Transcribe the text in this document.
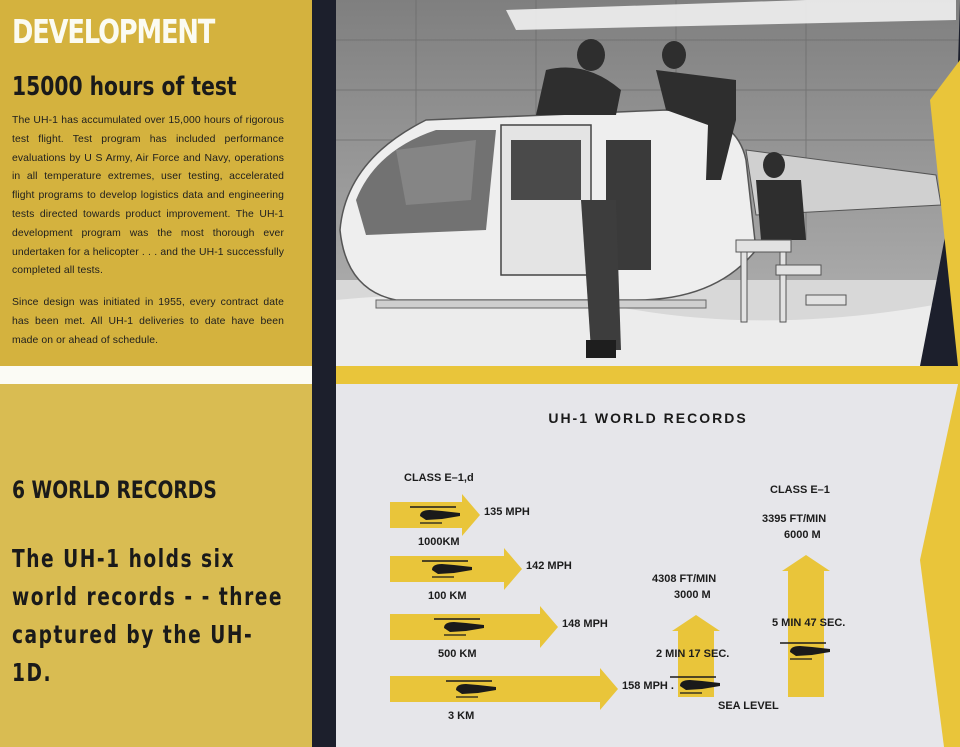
DEVELOPMENT
15000 hours of test
The UH-1 has accumulated over 15,000 hours of rigorous test flight. Test program has included performance evaluations by U S Army, Air Force and Navy, operations in all temperature extremes, user testing, accelerated flight programs to develop logistics data and engineering tests directed towards product improvement. The UH-1 development program was the most thorough ever undertaken for a helicopter . . . and the UH-1 successfully completed all tests.
Since design was initiated in 1955, every contract date has been met. All UH-1 deliveries to date have been made on or ahead of schedule.
6 WORLD RECORDS
The UH-1 holds six world records - - three captured by the UH-1D.
UH-1 WORLD RECORDS
CLASS E–1,d
CLASS E–1
135 MPH
1000KM
142 MPH
100 KM
148 MPH
500 KM
158 MPH .
3 KM
4308 FT/MIN
3000 M
3395 FT/MIN
6000 M
2 MIN 17 SEC.
5 MIN 47 SEC.
SEA LEVEL
